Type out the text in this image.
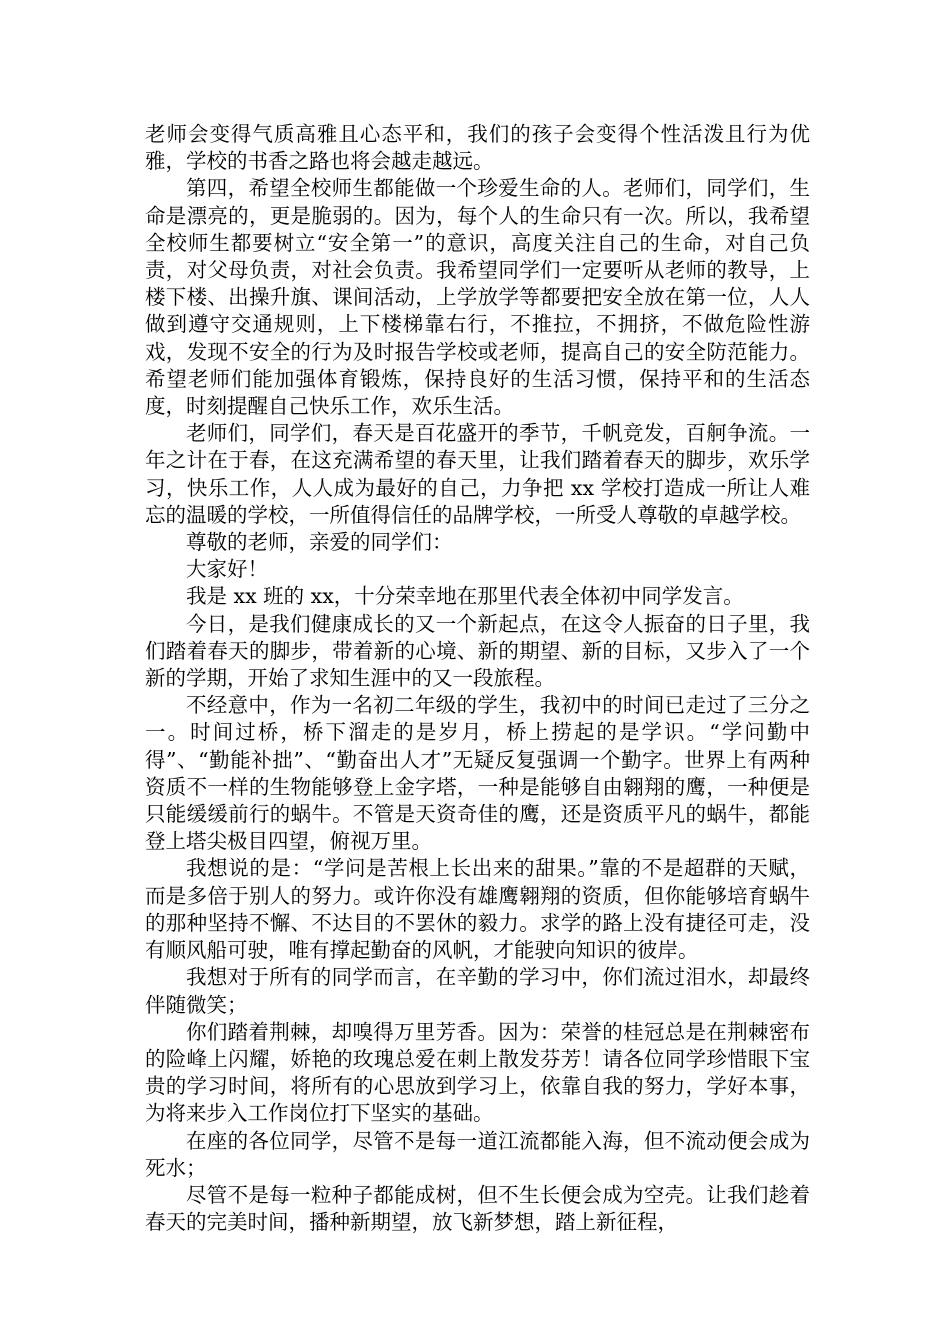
老师会变得气质高雅且心态平和，我们的孩子会变得个性活泼且行为优雅，学校的书香之路也将会越走越远。

第四，希望全校师生都能做一个珍爱生命的人。老师们，同学们，生命是漂亮的，更是脆弱的。因为，每个人的生命只有一次。所以，我希望全校师生都要树立“安全第一”的意识，高度关注自己的生命，对自己负责，对父母负责，对社会负责。我希望同学们一定要听从老师的教导，上楼下楼、出操升旗、课间活动，上学放学等都要把安全放在第一位，人人做到遵守交通规则，上下楼梯靠右行，不推拉，不拥挤，不做危险性游戏，发现不安全的行为及时报告学校或老师，提高自己的安全防范能力。希望老师们能加强体育锻炼，保持良好的生活习惯，保持平和的生活态度，时刻提醒自己快乐工作，欢乐生活。

老师们，同学们，春天是百花盛开的季节，千帆竞发，百舸争流。一年之计在于春，在这充满希望的春天里，让我们踏着春天的脚步，欢乐学习，快乐工作，人人成为最好的自己，力争把 xx 学校打造成一所让人难忘的温暖的学校，一所值得信任的品牌学校，一所受人尊敬的卓越学校。

尊敬的老师，亲爱的同学们：

大家好！

我是 xx 班的 xx，十分荣幸地在那里代表全体初中同学发言。

今日，是我们健康成长的又一个新起点，在这令人振奋的日子里，我们踏着春天的脚步，带着新的心境、新的期望、新的目标，又步入了一个新的学期，开始了求知生涯中的又一段旅程。

不经意中，作为一名初二年级的学生，我初中的时间已走过了三分之一。时间过桥，桥下溜走的是岁月，桥上捞起的是学识。“学问勤中得”、“勤能补拙”、“勤奋出人才”无疑反复强调一个勤字。世界上有两种资质不一样的生物能够登上金字塔，一种是能够自由翱翔的鹰，一种便是只能缓缓前行的蜗牛。不管是天资奇佳的鹰，还是资质平凡的蜗牛，都能登上塔尖极目四望，俯视万里。

我想说的是：“学问是苦根上长出来的甜果。”靠的不是超群的天赋，而是多倍于别人的努力。或许你没有雄鹰翱翔的资质，但你能够培育蜗牛的那种坚持不懈、不达目的不罢休的毅力。求学的路上没有捷径可走，没有顺风船可驶，唯有撑起勤奋的风帆，才能驶向知识的彼岸。

我想对于所有的同学而言，在辛勤的学习中，你们流过泪水，却最终伴随微笑；

你们踏着荆棘，却嗅得万里芳香。因为：荣誉的桂冠总是在荆棘密布的险峰上闪耀，娇艳的玫瑰总爱在刺上散发芬芳！请各位同学珍惜眼下宝贵的学习时间，将所有的心思放到学习上，依靠自我的努力，学好本事，为将来步入工作岗位打下坚实的基础。

在座的各位同学，尽管不是每一道江流都能入海，但不流动便会成为死水；

尽管不是每一粒种子都能成树，但不生长便会成为空壳。让我们趁着春天的完美时间，播种新期望，放飞新梦想，踏上新征程，
